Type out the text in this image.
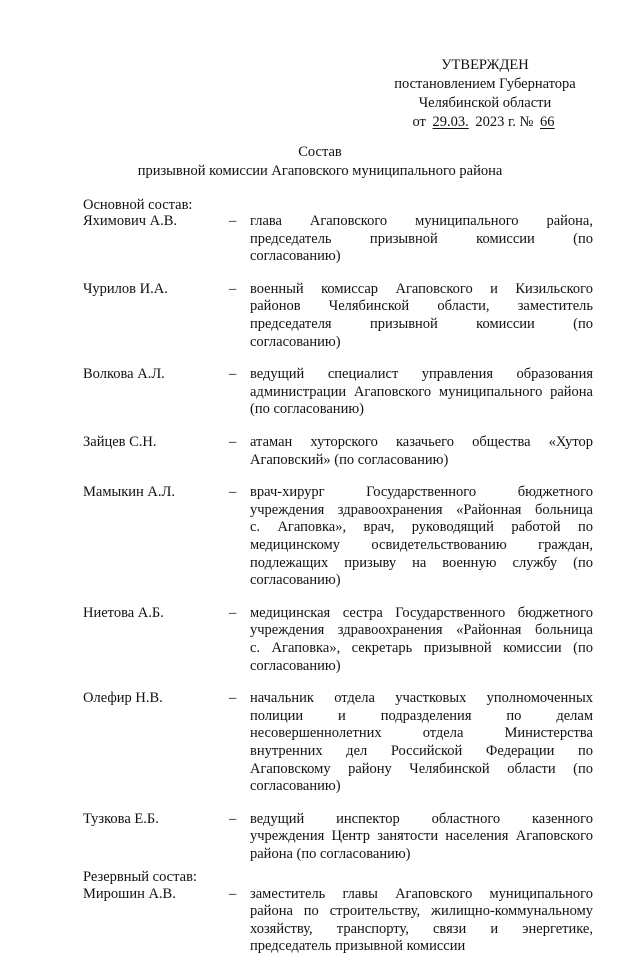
УТВЕРЖДЕН
постановлением Губернатора
Челябинской области
от 29.03. 2023 г. № 66
Состав
призывной комиссии Агаповского муниципального района
Основной состав:
Яхимович А.В.	– глава Агаповского муниципального района,
председатель призывной комиссии (по
согласованию)
Чурилов И.А.	– военный комиссар Агаповского и Кизильского
районов Челябинской области, заместитель
председателя призывной комиссии (по
согласованию)
Волкова А.Л.	– ведущий специалист управления образования
администрации Агаповского муниципального района
(по согласованию)
Зайцев С.Н.	– атаман хуторского казачьего общества «Хутор
Агаповский» (по согласованию)
Мамыкин А.Л.	– врач-хирург Государственного бюджетного
учреждения здравоохранения «Районная больница
с. Агаповка», врач, руководящий работой по
медицинскому освидетельствованию граждан,
подлежащих призыву на военную службу (по
согласованию)
Ниетова А.Б.	– медицинская сестра Государственного бюджетного
учреждения здравоохранения «Районная больница
с. Агаповка», секретарь призывной комиссии (по
согласованию)
Олефир Н.В.	– начальник отдела участковых уполномоченных
полиции и подразделения по делам
несовершеннолетних отдела Министерства
внутренних дел Российской Федерации по
Агаповскому району Челябинской области (по
согласованию)
Тузкова Е.Б.	– ведущий инспектор областного казенного
учреждения Центр занятости населения Агаповского
района (по согласованию)
Резервный состав:
Мирошин А.В.	– заместитель главы Агаповского муниципального
района по строительству, жилищно-коммунальному
хозяйству, транспорту, связи и энергетике,
председатель призывной комиссии
